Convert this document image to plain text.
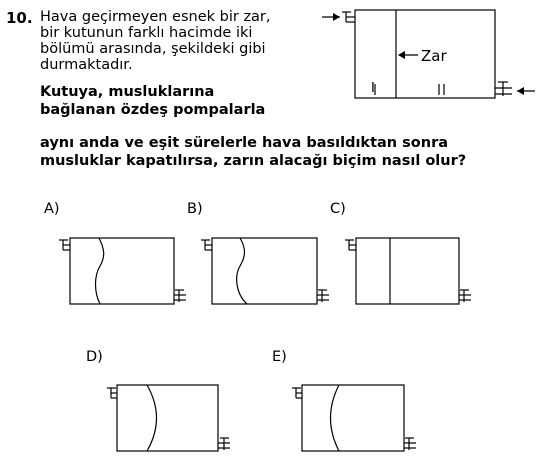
10. Hava geçirmeyen esnek bir zar,
bir kutunun farklı hacimde iki
bölümü arasında, şekildeki gibi
durmaktadır.
Kutuya, musluklarına
bağlanan özdeş pompalarla
aynı anda ve eşit sürelerle hava basıldıktan sonra
musluklar kapatılırsa, zarın alacağı biçim nasıl olur?
Zar
A)	B)	C)
D)	E)
I
